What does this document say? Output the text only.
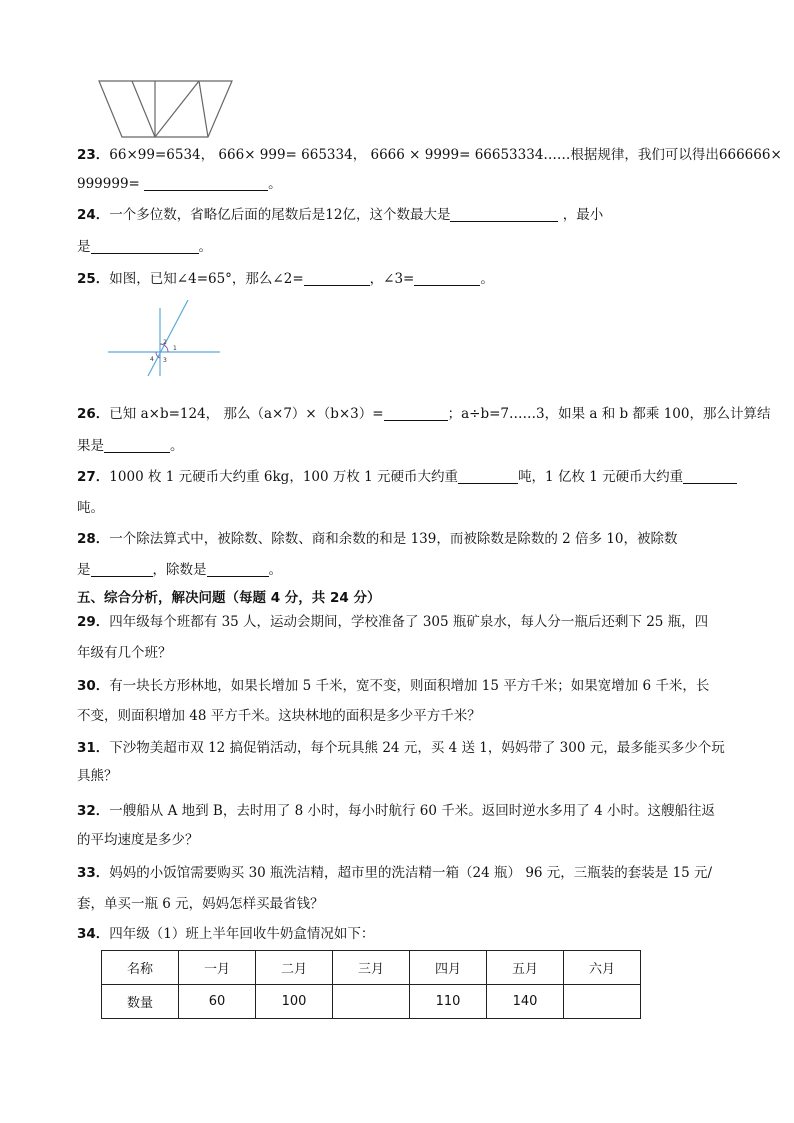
23．66×99=6534， 666× 999= 665334， 6666 × 9999= 66653334……根据规律，我们可以得出666666×
999999=	。
24．一个多位数，省略亿后面的尾数后是12亿，这个数最大是	，最小
是	。
25．如图，已知∠4=65°，那么∠2=	，∠3=	。
2
1
4 3
26．已知 a×b=124， 那么（a×7）×（b×3）=	；a÷b=7……3，如果 a 和 b 都乘 100，那么计算结
果是	。
27．1000 枚 1 元硬币大约重 6kg，100 万枚 1 元硬币大约重	吨，1 亿枚 1 元硬币大约重
吨。
28．一个除法算式中，被除数、除数、商和余数的和是 139，而被除数是除数的 2 倍多 10，被除数
是	，除数是	。
五、综合分析，解决问题（每题 4 分，共 24 分）
29．四年级每个班都有 35 人，运动会期间，学校准备了 305 瓶矿泉水，每人分一瓶后还剩下 25 瓶，四
年级有几个班？
30．有一块长方形林地，如果长增加 5 千米，宽不变，则面积增加 15 平方千米；如果宽增加 6 千米，长
不变，则面积增加 48 平方千米。这块林地的面积是多少平方千米？
31．下沙物美超市双 12 搞促销活动，每个玩具熊 24 元，买 4 送 1，妈妈带了 300 元，最多能买多少个玩
具熊？
32．一艘船从 A 地到 B，去时用了 8 小时，每小时航行 60 千米。返回时逆水多用了 4 小时。这艘船往返
的平均速度是多少？
33．妈妈的小饭馆需要购买 30 瓶洗洁精，超市里的洗洁精一箱（24 瓶） 96 元，三瓶装的套装是 15 元/
套，单买一瓶 6 元，妈妈怎样买最省钱？
34．四年级（1）班上半年回收牛奶盒情况如下：
名称	一月	二月	三月	四月	五月	六月
数量	60	100		110	140	
